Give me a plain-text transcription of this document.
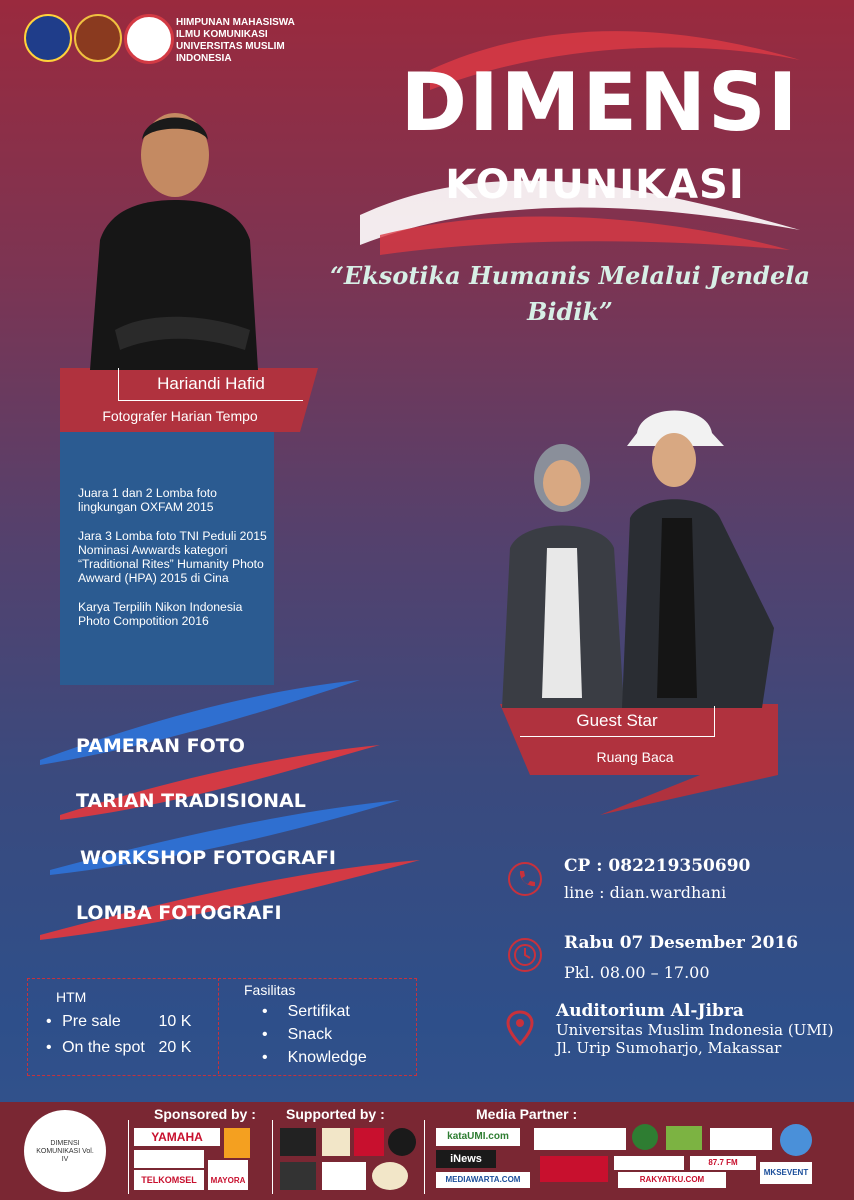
HIMPUNAN MAHASISWA
ILMU KOMUNIKASI
UNIVERSITAS MUSLIM
INDONESIA	DIMENSI
KOMUNIKASI
“Eksotika Humanis Melalui Jendela Bidik”
Hariandi Hafid
Fotografer Harian Tempo

Juara 1 dan 2 Lomba foto lingkungan OXFAM 2015

Jara 3 Lomba foto TNI Peduli 2015

Nominasi Awwards kategori “Traditional Rites” Humanity Photo Awward (HPA) 2015 di Cina

Karya Terpilih Nikon Indonesia Photo Compotition 2016

Guest Star
Ruang Baca
PAMERAN FOTO
TARIAN TRADISIONAL
WORKSHOP FOTOGRAFI
LOMBA FOTOGRAFI
CP : 082219350690
line : dian.wardhani
Rabu 07 Desember 2016
Pkl. 08.00 – 17.00
Auditorium Al-Jibra
Universitas Muslim Indonesia (UMI)
Jl. Urip Sumoharjo, Makassar
HTM
• Pre sale 10 K
• On the spot 20 K
Fasilitas
• Sertifikat
• Snack
• Knowledge
DIMENSI KOMUNIKASI Vol. IV
Sponsored by : Supported by :	Media Partner :
YAMAHA
TELKOMSEL	MAYORA
kataUMI.com
iNews
MEDIAWARTA.COM	RAKYATKU.COM
87.7 FM
MKSEVENT
